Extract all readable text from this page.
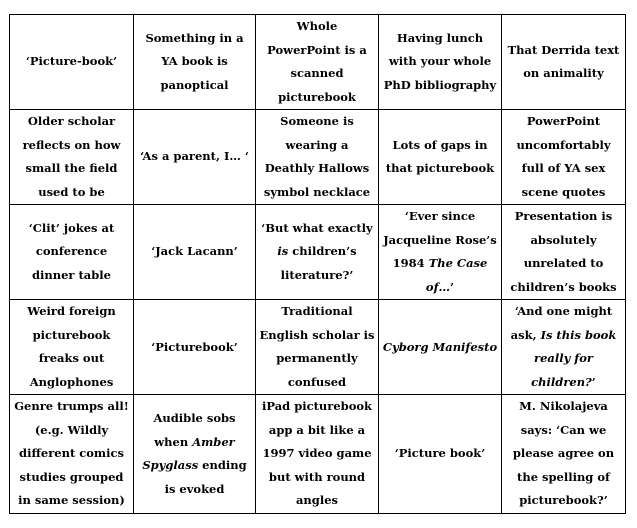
‘Picture-book’	Something in a YA book is panoptical	Whole PowerPoint is a scanned picturebook	Having lunch with your whole PhD bibliography	That Derrida text on animality
Older scholar reflects on how small the field used to be	‘As a parent, I… ‘	Someone is wearing a Deathly Hallows symbol necklace	Lots of gaps in that picturebook	PowerPoint uncomfortably full of YA sex scene quotes
‘Clit’ jokes at conference dinner table	‘Jack Lacann’	‘But what exactly is children’s literature?’	‘Ever since Jacqueline Rose’s 1984 The Case of…’	Presentation is absolutely unrelated to children’s books
Weird foreign picturebook freaks out Anglophones	‘Picturebook’	Traditional English scholar is permanently confused	Cyborg Manifesto	‘And one might ask, Is this book really for children?’
Genre trumps all! (e.g. Wildly different comics studies grouped in same session)	Audible sobs when Amber Spyglass ending is evoked	iPad picturebook app a bit like a 1997 video game but with round angles	‘Picture book’	M. Nikolajeva says: ‘Can we please agree on the spelling of picturebook?’
